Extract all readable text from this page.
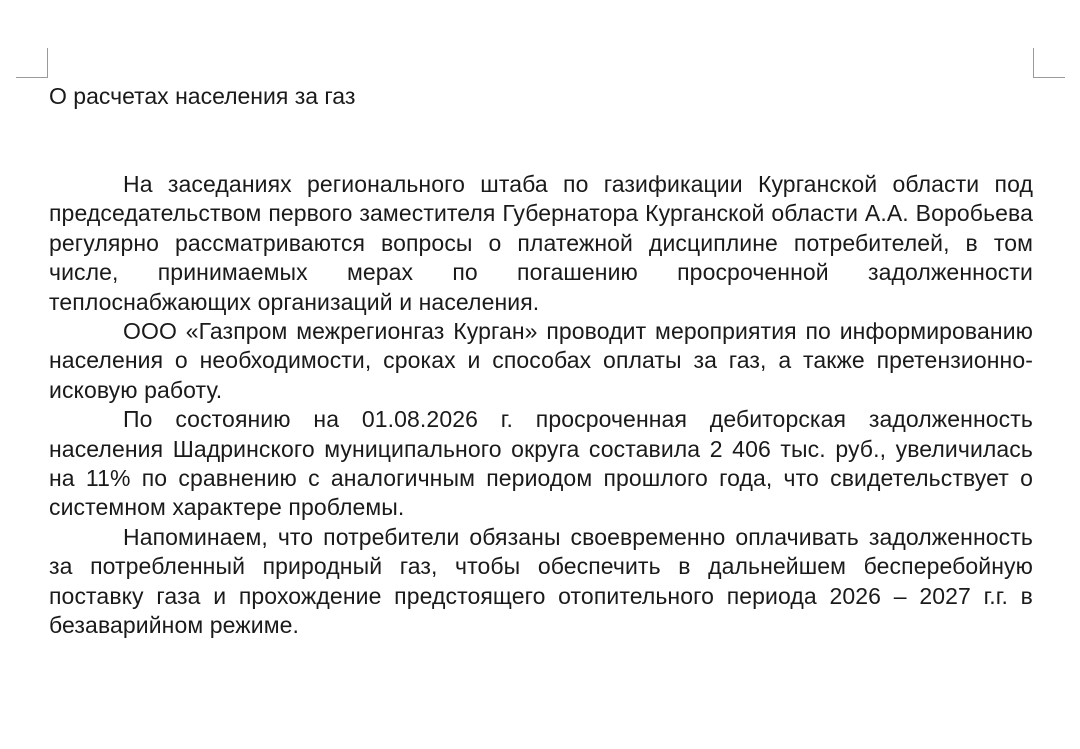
О расчетах населения за газ

На заседаниях регионального штаба по газификации Курганской области под председательством первого заместителя Губернатора Курганской области А.А. Воробьева регулярно рассматриваются вопросы о платежной дисциплине потребителей, в том числе, принимаемых мерах по погашению просроченной задолженности теплоснабжающих организаций и населения.

ООО «Газпром межрегионгаз Курган» проводит мероприятия по информированию населения о необходимости, сроках и способах оплаты за газ, а также претензионно-исковую работу.

По состоянию на 01.08.2026 г. просроченная дебиторская задолженность населения Шадринского муниципального округа составила 2 406 тыс. руб., увеличилась на 11% по сравнению с аналогичным периодом прошлого года, что свидетельствует о системном характере проблемы.

Напоминаем, что потребители обязаны своевременно оплачивать задолженность за потребленный природный газ, чтобы обеспечить в дальнейшем бесперебойную поставку газа и прохождение предстоящего отопительного периода 2026 – 2027 г.г. в безаварийном режиме.
